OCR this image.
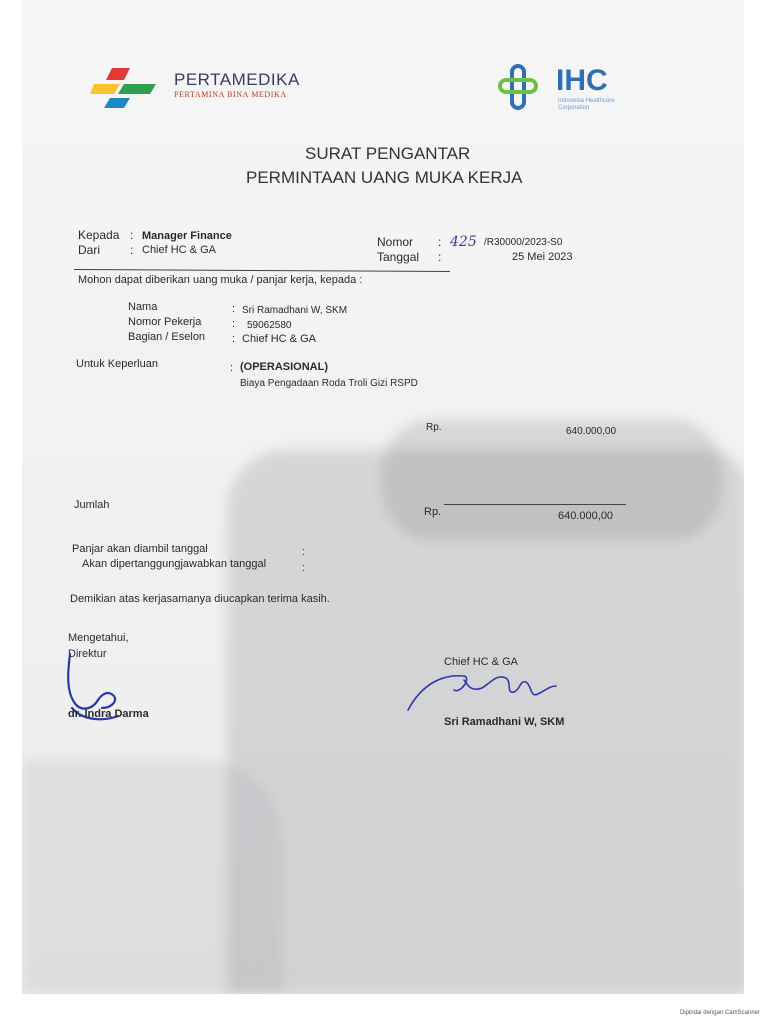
PERTAMEDIKA
PERTAMINA BINA MEDIKA	IHC
Indonesia Healthcare
Corporation
SURAT PENGANTAR
PERMINTAAN UANG MUKA KERJA
Kepada : Manager Finance
Dari : Chief HC & GA
Nomor : 425 /R30000/2023-S0
Tanggal :	25 Mei 2023
Mohon dapat diberikan uang muka / panjar kerja, kepada :
Nama	: Sri Ramadhani W, SKM
Nomor Pekerja	: 59062580
Bagian / Eselon : Chief HC & GA
Untuk Keperluan	: (OPERASIONAL)
Biaya Pengadaan Roda Troli Gizi RSPD
Rp.	640.000,00
Jumlah
Rp.	640.000,00
Panjar akan diambil tanggal	:
Akan dipertanggungjawabkan tanggal	:
Demikian atas kerjasamanya diucapkan terima kasih.
Mengetahui,
Direktur
dr. Indra Darma
Chief HC & GA
Sri Ramadhani W, SKM
Dipindai dengan CamScanner
